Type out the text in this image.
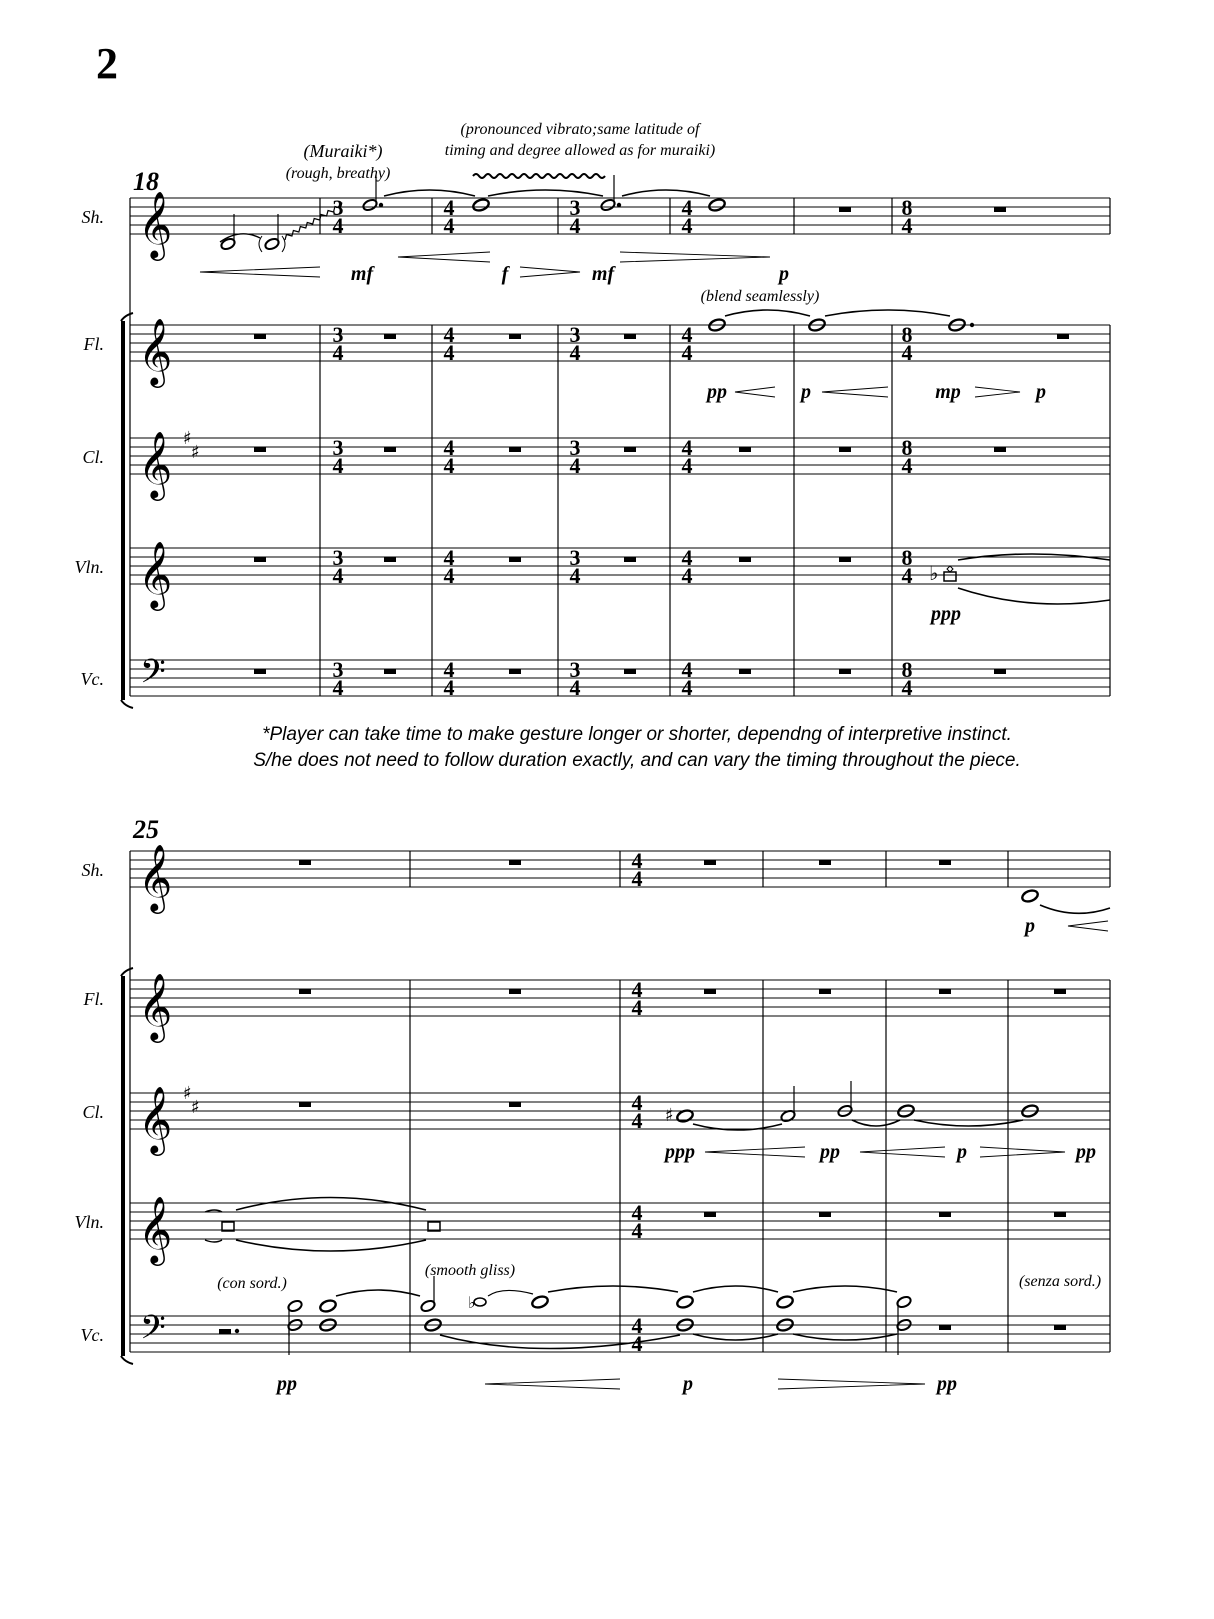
2
Sh.
Fl.
Cl.
Vln.
Vc.
𝄞
𝄞
𝄞
𝄞
𝄢
♯
♯
18
3
4
3
4
3
4
3
4
3
4
4
4
4
4
4
4
4
4
4
4
3
4
3
4
3
4
3
4
3
4
4
4
4
4
4
4
4
4
4
4
8
4
8
4
8
4
8
4
8
4
(Muraiki*)
(rough, breathy)
(pronounced vibrato;same latitude of
timing and degree allowed as for muraiki)
mf	f	mf	p
(blend seamlessly)
pp	p	mp	p
♭
ppp
Sh.
Fl.
Cl.
Vln.
Vc.
𝄞
𝄞
𝄞
𝄞
𝄢
♯
♯
25
4
4
4
4
4
4
4
4
4
4
p
♯
ppp	pp	p	pp
(con sord.)
(smooth gliss)
(senza sord.)
♭
pp	p	pp
*Player can take time to make gesture longer or shorter, dependng of interpretive instinct.
S/he does not need to follow duration exactly, and can vary the timing throughout the piece.
